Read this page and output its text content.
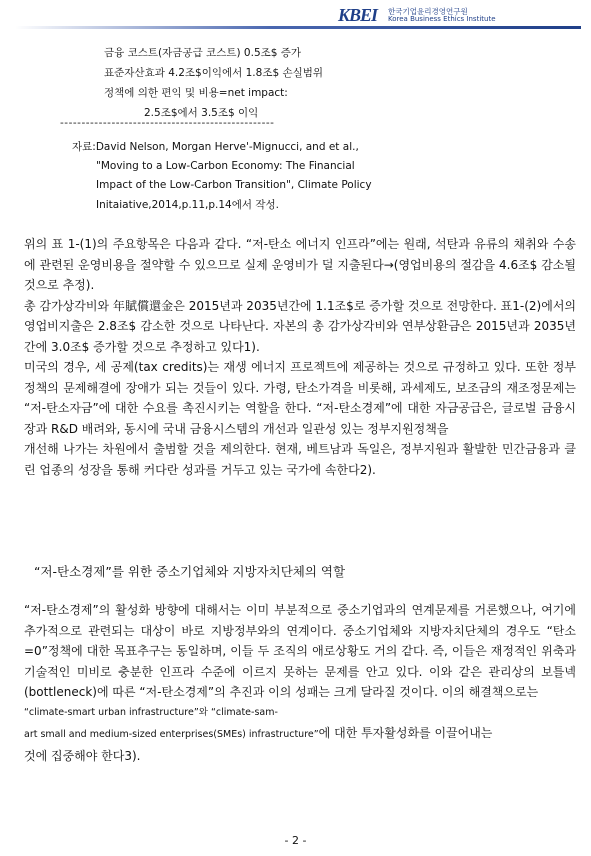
KBEI 한국기업윤리경영연구원
Korea Business Ethics Institute
금융 코스트(자금공급 코스트) 0.5조$ 증가
표준자산효과 4.2조$이익에서 1.8조$ 손실범위
정책에 의한 편익 및 비용=net impact:
2.5조$에서 3.5조$ 이익
--------------------------------------------------
자료:David Nelson, Morgan Herve'-Mignucci, and et al.,
"Moving to a Low-Carbon Economy: The Financial
Impact of the Low-Carbon Transition", Climate Policy
Initaiative,2014,p.11,p.14에서 작성.

위의 표 1-(1)의 주요항목은 다음과 같다. “저-탄소 에너지 인프라”에는 원래, 석탄과 유류의 채취와 수송에 관련된 운영비용을 절약할 수 있으므로 실제 운영비가 덜 지출된다→(영업비용의 절감을 4.6조$ 감소될 것으로 추정).

총 감가상각비와 年賦償還金은 2015년과 2035년간에 1.1조$로 증가할 것으로 전망한다. 표1-(2)에서의 영업비지출은 2.8조$ 감소한 것으로 나타난다. 자본의 총 감가상각비와 연부상환금은 2015년과 2035년간에 3.0조$ 증가할 것으로 추정하고 있다1).

미국의 경우, 세 공제(tax credits)는 재생 에너지 프로젝트에 제공하는 것으로 규정하고 있다. 또한 정부정책의 문제해결에 장애가 되는 것들이 있다. 가령, 탄소가격을 비롯해, 과세제도, 보조금의 재조정문제는 “저-탄소자금”에 대한 수요를 촉진시키는 역할을 한다. “저-탄소경제”에 대한 자금공급은, 글로벌 금융시장과 R&D 배려와, 동시에 국내 금융시스템의 개선과 일관성 있는 정부지원정책을

개선해 나가는 차원에서 출범할 것을 제의한다. 현재, 베트남과 독일은, 정부지원과 활발한 민간금융과 클린 업종의 성장을 통해 커다란 성과를 거두고 있는 국가에 속한다2).

“저-탄소경제”를 위한 중소기업체와 지방자치단체의 역할

“저-탄소경제”의 활성화 방향에 대해서는 이미 부분적으로 중소기업과의 연계문제를 거론했으나, 여기에 추가적으로 관련되는 대상이 바로 지방정부와의 연계이다. 중소기업체와 지방자치단체의 경우도 “탄소=0”정책에 대한 목표추구는 동일하며, 이들 두 조직의 애로상황도 거의 같다. 즉, 이들은 재정적인 위축과 기술적인 미비로 충분한 인프라 수준에 이르지 못하는 문제를 안고 있다. 이와 같은 관리상의 보틀넥(bottleneck)에 따른 “저-탄소경제”의 추진과 이의 성패는 크게 달라질 것이다. 이의 해결책으로는

“climate-smart urban infrastructure”와 “climate-sam-

art small and medium-sized enterprises(SMEs) infrastructure”에 대한 투자활성화를 이끌어내는

것에 집중해야 한다3).

- 2 -
